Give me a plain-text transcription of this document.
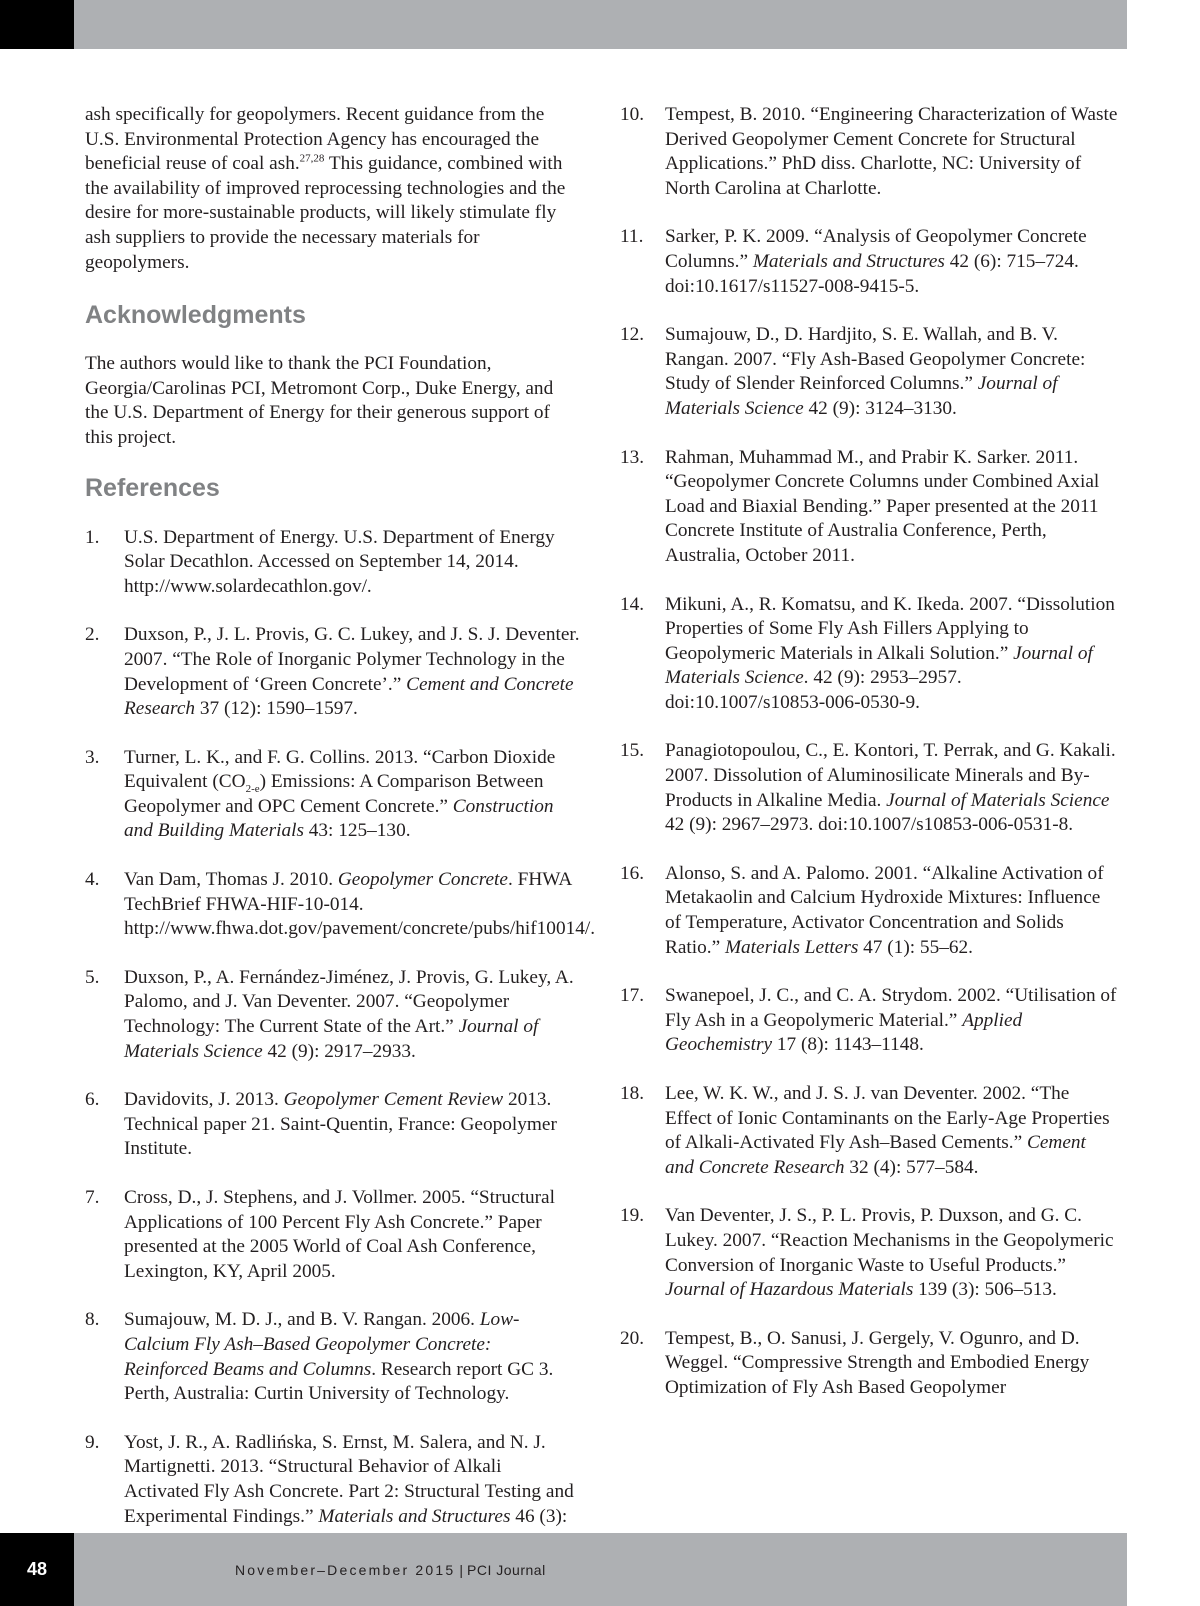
ash specifically for geopolymers. Recent guidance from the U.S. Environmental Protection Agency has encouraged the beneficial reuse of coal ash.$^{27,28}$ This guidance, combined with the availability of improved reprocessing technologies and the desire for more-sustainable products, will likely stimulate fly ash suppliers to provide the necessary materials for geopolymers.

Acknowledgments

The authors would like to thank the PCI Foundation, Georgia/Carolinas PCI, Metromont Corp., Duke Energy, and the U.S. Department of Energy for their generous support of this project.

References

1. U.S. Department of Energy. U.S. Department of Energy Solar Decathlon. Accessed on September 14, 2014. http://www.solardecathlon.gov/.

2. Duxson, P., J. L. Provis, G. C. Lukey, and J. S. J. Deventer. 2007. “The Role of Inorganic Polymer Technology in the Development of ‘Green Concrete’.” Cement and Concrete Research 37 (12): 1590–1597.

3. Turner, L. K., and F. G. Collins. 2013. “Carbon Dioxide Equivalent $(CO_{2-e})$ Emissions: A Comparison Between Geopolymer and OPC Cement Concrete.” Construction and Building Materials 43: 125–130.

4. Van Dam, Thomas J. 2010. Geopolymer Concrete. FHWA TechBrief FHWA-HIF-10-014. http://www.fhwa.dot.gov/pavement/concrete/pubs/hif10014/.

5. Duxson, P., A. Fernández-Jiménez, J. Provis, G. Lukey, A. Palomo, and J. Van Deventer. 2007. “Geopolymer Technology: The Current State of the Art.” Journal of Materials Science 42 (9): 2917–2933.

6. Davidovits, J. 2013. Geopolymer Cement Review 2013. Technical paper 21. Saint-Quentin, France: Geopolymer Institute.

7. Cross, D., J. Stephens, and J. Vollmer. 2005. “Structural Applications of 100 Percent Fly Ash Concrete.” Paper presented at the 2005 World of Coal Ash Conference, Lexington, KY, April 2005.

8. Sumajouw, M. D. J., and B. V. Rangan. 2006. Low-Calcium Fly Ash–Based Geopolymer Concrete: Reinforced Beams and Columns. Research report GC 3. Perth, Australia: Curtin University of Technology.

9. Yost, J. R., A. Radlińska, S. Ernst, M. Salera, and N. J. Martignetti. 2013. “Structural Behavior of Alkali Activated Fly Ash Concrete. Part 2: Structural Testing and Experimental Findings.” Materials and Structures 46 (3):

10. Tempest, B. 2010. “Engineering Characterization of Waste Derived Geopolymer Cement Concrete for Structural Applications.” PhD diss. Charlotte, NC: University of North Carolina at Charlotte.

11. Sarker, P. K. 2009. “Analysis of Geopolymer Concrete Columns.” Materials and Structures 42 (6): 715–724. doi:10.1617/s11527-008-9415-5.

12. Sumajouw, D., D. Hardjito, S. E. Wallah, and B. V. Rangan. 2007. “Fly Ash-Based Geopolymer Concrete: Study of Slender Reinforced Columns.” Journal of Materials Science 42 (9): 3124–3130.

13. Rahman, Muhammad M., and Prabir K. Sarker. 2011. “Geopolymer Concrete Columns under Combined Axial Load and Biaxial Bending.” Paper presented at the 2011 Concrete Institute of Australia Conference, Perth, Australia, October 2011.

14. Mikuni, A., R. Komatsu, and K. Ikeda. 2007. “Dissolution Properties of Some Fly Ash Fillers Applying to Geopolymeric Materials in Alkali Solution.” Journal of Materials Science. 42 (9): 2953–2957. doi:10.1007/s10853-006-0530-9.

15. Panagiotopoulou, C., E. Kontori, T. Perrak, and G. Kakali. 2007. Dissolution of Aluminosilicate Minerals and By-Products in Alkaline Media. Journal of Materials Science 42 (9): 2967–2973. doi:10.1007/s10853-006-0531-8.

16. Alonso, S. and A. Palomo. 2001. “Alkaline Activation of Metakaolin and Calcium Hydroxide Mixtures: Influence of Temperature, Activator Concentration and Solids Ratio.” Materials Letters 47 (1): 55–62.

17. Swanepoel, J. C., and C. A. Strydom. 2002. “Utilisation of Fly Ash in a Geopolymeric Material.” Applied Geochemistry 17 (8): 1143–1148.

18. Lee, W. K. W., and J. S. J. van Deventer. 2002. “The Effect of Ionic Contaminants on the Early-Age Properties of Alkali-Activated Fly Ash–Based Cements.” Cement and Concrete Research 32 (4): 577–584.

19. Van Deventer, J. S., P. L. Provis, P. Duxson, and G. C. Lukey. 2007. “Reaction Mechanisms in the Geopolymeric Conversion of Inorganic Waste to Useful Products.” Journal of Hazardous Materials 139 (3): 506–513.

20. Tempest, B., O. Sanusi, J. Gergely, V. Ogunro, and D. Weggel. “Compressive Strength and Embodied Energy Optimization of Fly Ash Based Geopolymer

48	November–December 2015 | PCI Journal
